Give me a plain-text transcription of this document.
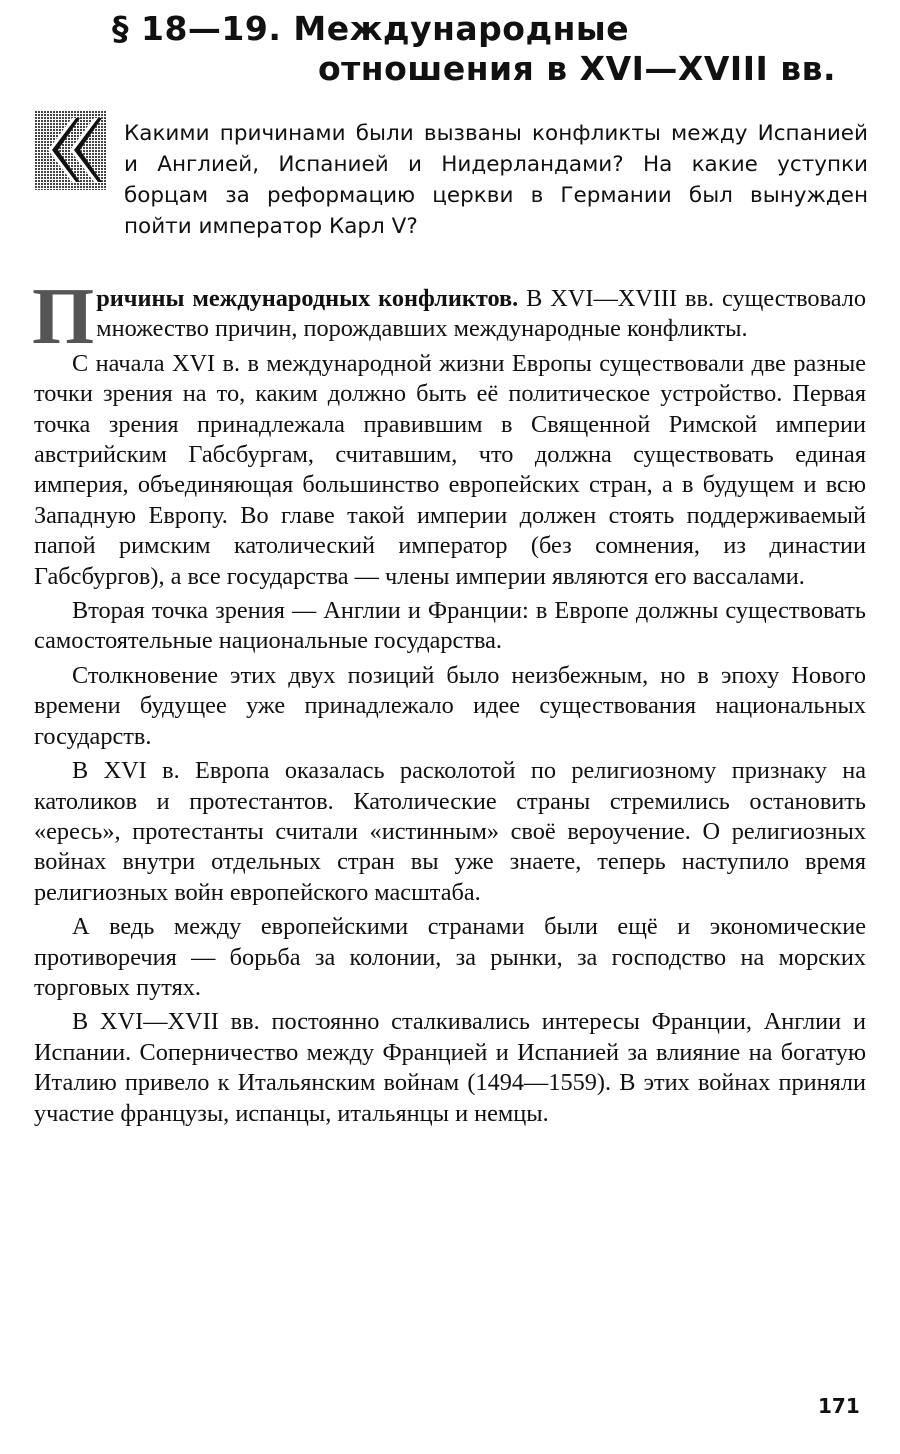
§ 18—19. Международные
отношения в XVI—XVIII вв.

Какими причинами были вызваны конфликты между Испанией и Англией, Испанией и Нидерландами? На какие уступки борцам за реформацию церкви в Германии был вынужден пойти император Карл V?

Причины международных конфликтов. В XVI—XVIII вв. существовало множество причин, порождавших международные конфликты.

С начала XVI в. в международной жизни Европы существовали две разные точки зрения на то, каким должно быть её политическое устройство. Первая точка зрения принадлежала правившим в Священной Римской империи австрийским Габсбургам, считавшим, что должна существовать единая империя, объединяющая большинство европейских стран, а в будущем и всю Западную Европу. Во главе такой империи должен стоять поддерживаемый папой римским католический император (без сомнения, из династии Габсбургов), а все государства — члены империи являются его вассалами.

Вторая точка зрения — Англии и Франции: в Европе должны существовать самостоятельные национальные государства.

Столкновение этих двух позиций было неизбежным, но в эпоху Нового времени будущее уже принадлежало идее существования национальных государств.

В XVI в. Европа оказалась расколотой по религиозному признаку на католиков и протестантов. Католические страны стремились остановить «ересь», протестанты считали «истинным» своё вероучение. О религиозных войнах внутри отдельных стран вы уже знаете, теперь наступило время религиозных войн европейского масштаба.

А ведь между европейскими странами были ещё и экономические противоречия — борьба за колонии, за рынки, за господство на морских торговых путях.

В XVI—XVII вв. постоянно сталкивались интересы Франции, Англии и Испании. Соперничество между Францией и Испанией за влияние на богатую Италию привело к Итальянским войнам (1494—1559). В этих войнах приняли участие французы, испанцы, итальянцы и немцы.

171
